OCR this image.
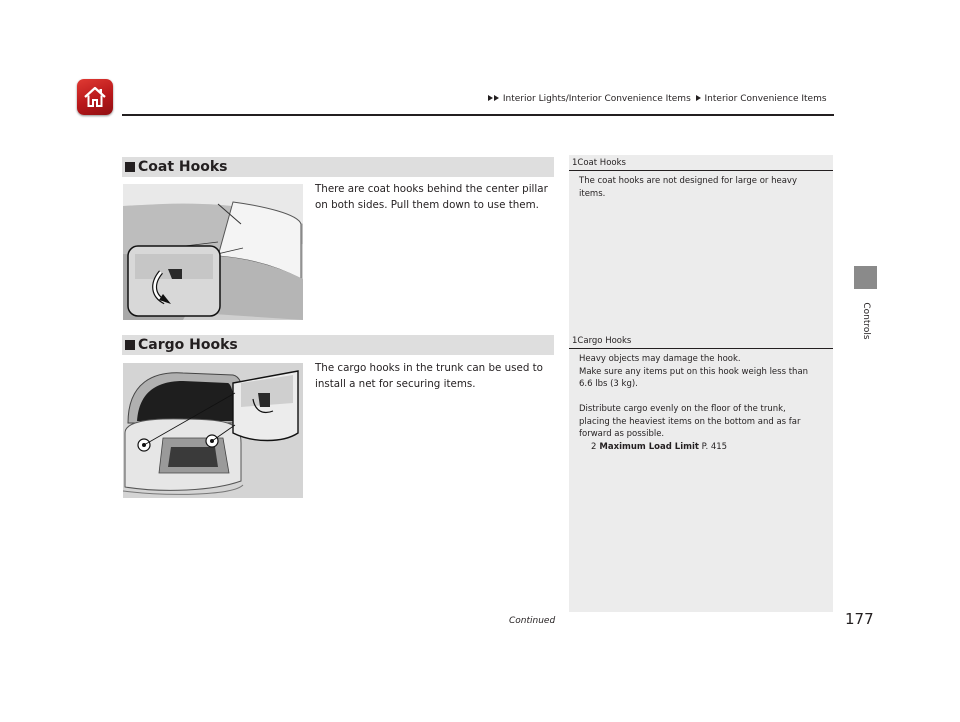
Interior Lights/Interior Convenience Items Interior Convenience Items
Controls
Coat Hooks
There are coat hooks behind the center pillar
on both sides. Pull them down to use them.
1Coat Hooks
The coat hooks are not designed for large or heavy
items.
Cargo Hooks
The cargo hooks in the trunk can be used to
install a net for securing items.
1Cargo Hooks
Heavy objects may damage the hook.
Make sure any items put on this hook weigh less than
6.6 lbs (3 kg).
Distribute cargo evenly on the floor of the trunk,
placing the heaviest items on the bottom and as far
forward as possible.
2 Maximum Load Limit P. 415
Continued	177
